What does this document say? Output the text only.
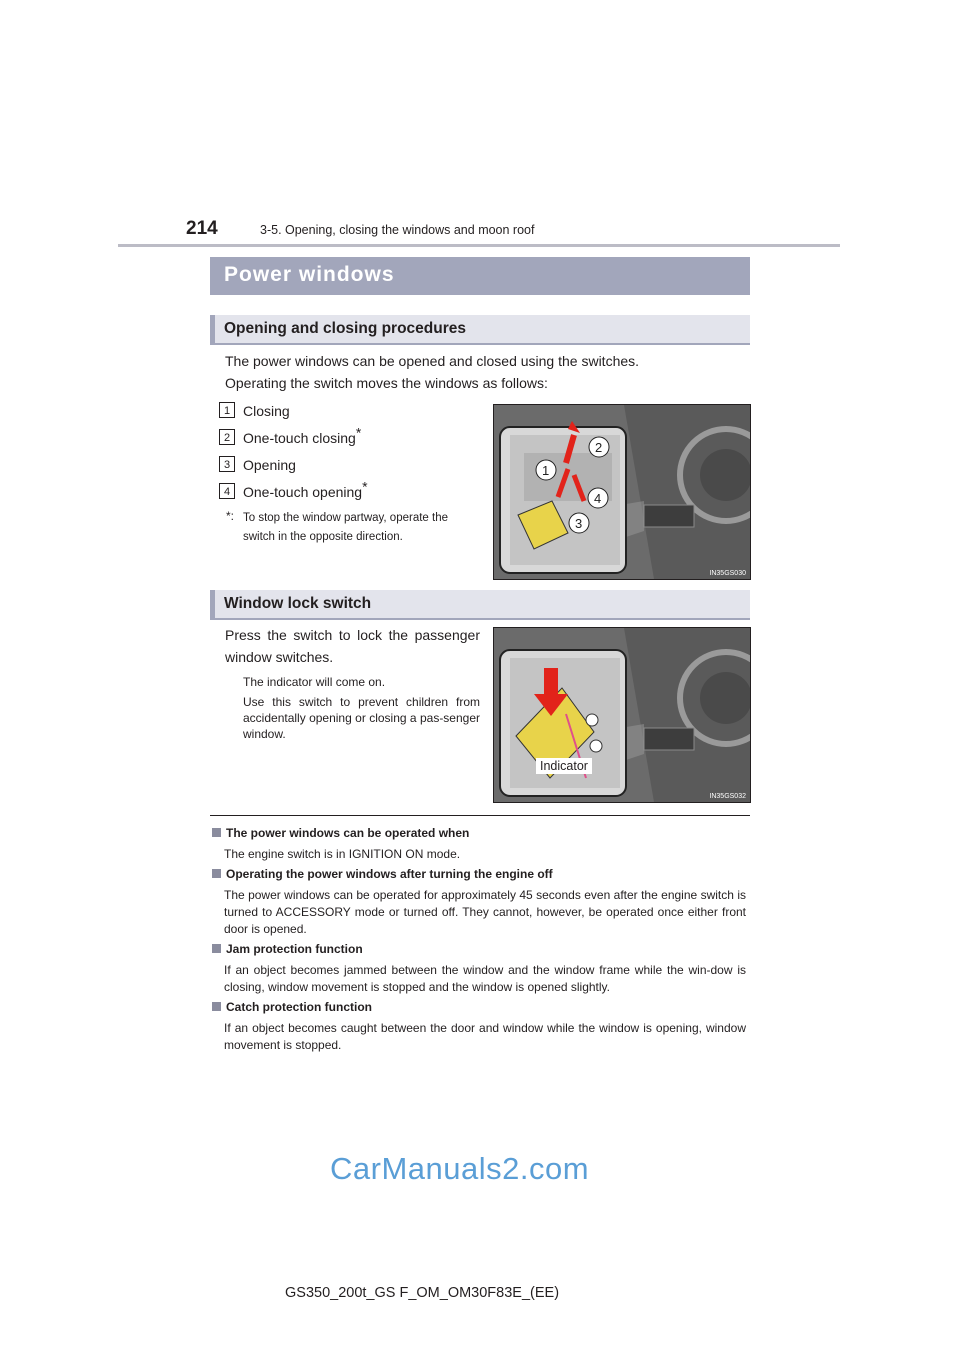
214	3-5. Opening, closing the windows and moon roof
Power windows
Opening and closing procedures
The power windows can be opened and closed using the switches.
Operating the switch moves the windows as follows:
1 Closing
2 One-touch closing*
3 Opening
4 One-touch opening*
*: To stop the window partway, operate the
switch in the opposite direction.
2
1
4
3
IN35GS030
Window lock switch
Press the switch to lock the passenger
window switches.
The indicator will come on.
Use this switch to prevent children from accidentally opening or closing a pas-senger window.
Indicator
IN35GS032
The power windows can be operated when
The engine switch is in IGNITION ON mode.
Operating the power windows after turning the engine off
The power windows can be operated for approximately 45 seconds even after the engine switch is turned to ACCESSORY mode or turned off. They cannot, however, be operated once either front door is opened.
Jam protection function
If an object becomes jammed between the window and the window frame while the win-dow is closing, window movement is stopped and the window is opened slightly.
Catch protection function
If an object becomes caught between the door and window while the window is opening, window movement is stopped.
CarManuals2.com
GS350_200t_GS F_OM_OM30F83E_(EE)
